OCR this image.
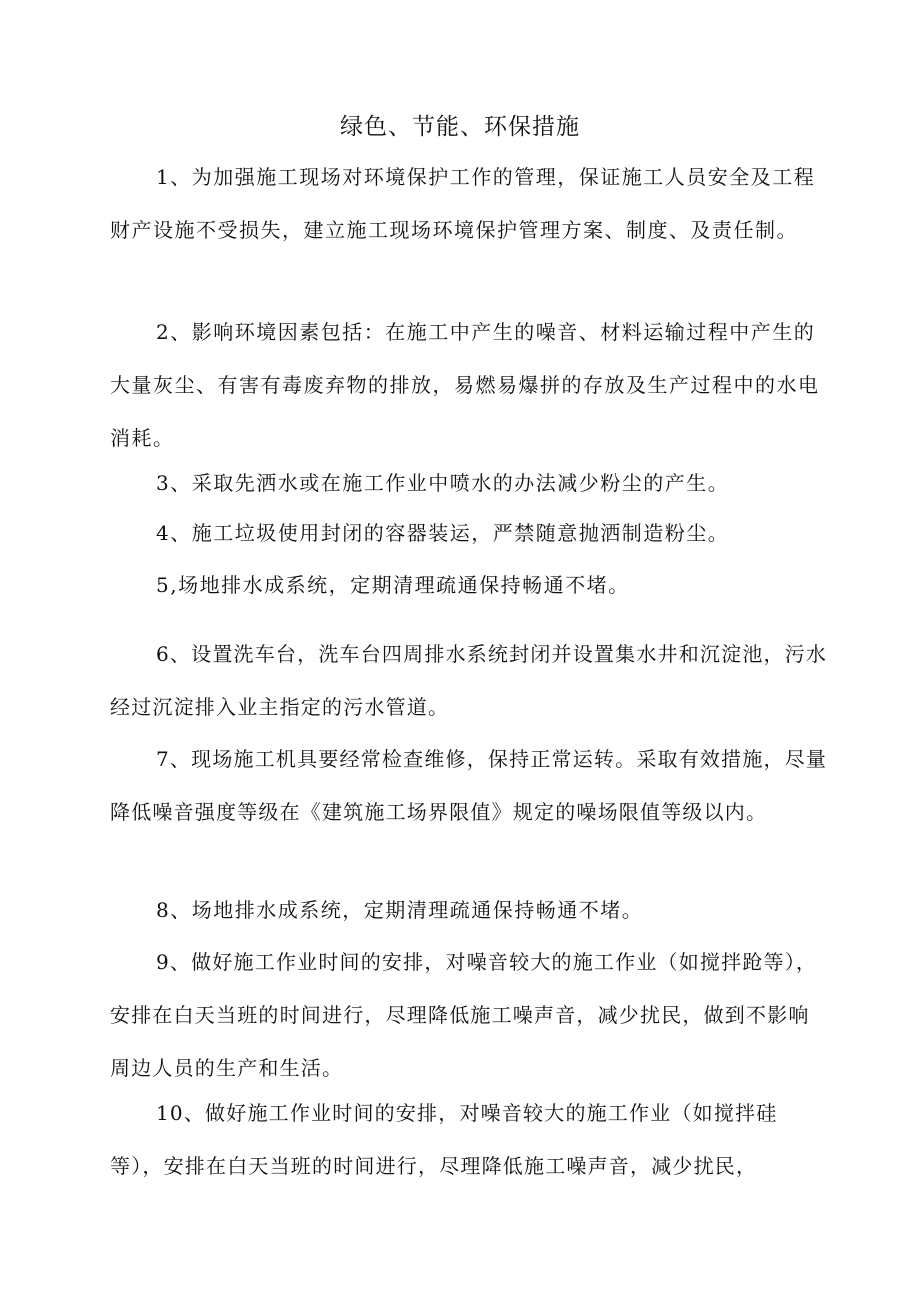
绿色、节能、环保措施

1、为加强施工现场对环境保护工作的管理，保证施工人员安全及工程财产设施不受损失，建立施工现场环境保护管理方案、制度、及责任制。

2、影响环境因素包括：在施工中产生的噪音、材料运输过程中产生的大量灰尘、有害有毒废弃物的排放，易燃易爆拼的存放及生产过程中的水电消耗。

3、采取先洒水或在施工作业中喷水的办法减少粉尘的产生。

4、施工垃圾使用封闭的容器装运，严禁随意抛洒制造粉尘。

5,场地排水成系统，定期清理疏通保持畅通不堵。

6、设置洗车台，洗车台四周排水系统封闭并设置集水井和沉淀池，污水经过沉淀排入业主指定的污水管道。

7、现场施工机具要经常检查维修，保持正常运转。采取有效措施，尽量降低噪音强度等级在《建筑施工场界限值》规定的噪场限值等级以内。

8、场地排水成系统，定期清理疏通保持畅通不堵。

9、做好施工作业时间的安排，对噪音较大的施工作业（如搅拌跄等），安排在白天当班的时间进行，尽理降低施工噪声音，减少扰民，做到不影响周边人员的生产和生活。

10、做好施工作业时间的安排，对噪音较大的施工作业（如搅拌硅等），安排在白天当班的时间进行，尽理降低施工噪声音，减少扰民，
